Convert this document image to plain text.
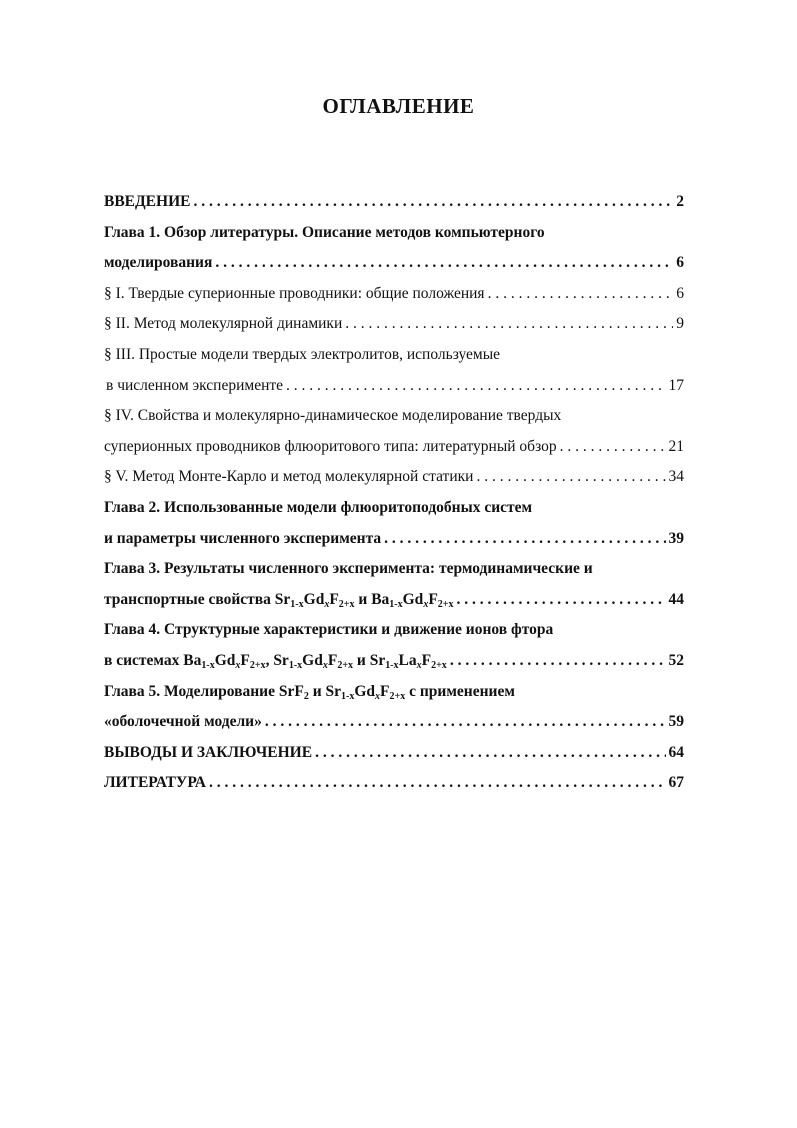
ОГЛАВЛЕНИЕ
ВВЕДЕНИЕ . . .	2
Глава 1. Обзор литературы. Описание методов компьютерного
моделирования . . .	6
§ I. Твердые суперионные проводники: общие положения . . .	6
§ II. Метод молекулярной динамики . . .	9
§ III. Простые модели твердых электролитов, используемые
в численном эксперименте . . .	17
§ IV. Свойства и молекулярно-динамическое моделирование твердых
суперионных проводников флюоритового типа: литературный обзор . . .	21
§ V. Метод Монте-Карло и метод молекулярной статики . . .	34
Глава 2. Использованные модели флюоритоподобных систем
и параметры численного эксперимента . . .	39
Глава 3. Результаты численного эксперимента: термодинамические и
транспортные свойства $Sr_{1-x}Gd_xF_{2+x}$ и $Ba_{1-x}Gd_xF_{2+x}$ . . .	44
Глава 4. Структурные характеристики и движение ионов фтора
в системах $Ba_{1-x}Gd_xF_{2+x}$, $Sr_{1-x}Gd_xF_{2+x}$ и $Sr_{1-x}La_xF_{2+x}$ . . .	52
Глава 5. Моделирование SrF$_2$ и $Sr_{1-x}Gd_xF_{2+x}$ с применением
«оболочечной модели» . . .	59
ВЫВОДЫ И ЗАКЛЮЧЕНИЕ . . .	64
ЛИТЕРАТУРА . . .	67
